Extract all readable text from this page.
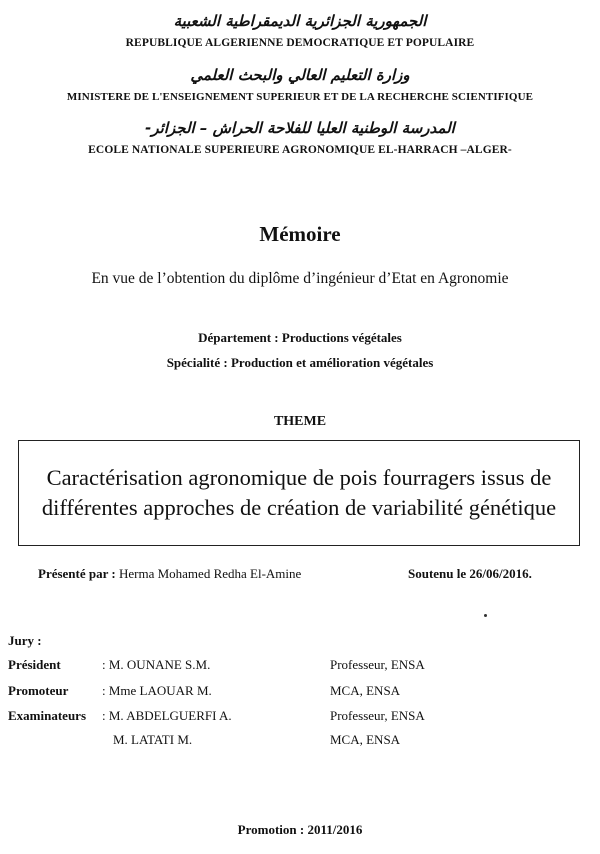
الجمهورية الجزائرية الديمقراطية الشعبية
REPUBLIQUE ALGERIENNE DEMOCRATIQUE ET POPULAIRE
وزارة التعليم العالي والبحث العلمي
MINISTERE DE L'ENSEIGNEMENT SUPERIEUR ET DE LA RECHERCHE SCIENTIFIQUE
المدرسة الوطنية العليا للفلاحة الحراش – الجزائر-
ECOLE NATIONALE SUPERIEURE AGRONOMIQUE EL-HARRACH –ALGER-
Mémoire
En vue de l’obtention du diplôme d’ingénieur d’Etat en Agronomie
Département : Productions végétales
Spécialité : Production et amélioration végétales
THEME
Caractérisation agronomique de pois fourragers issus de différentes approches de création de variabilité génétique
Présenté par : Herma Mohamed Redha El-Amine	Soutenu le 26/06/2016.
Jury :
Président	: M. OUNANE S.M.	Professeur, ENSA
Promoteur	: Mme LAOUAR M.	MCA, ENSA
Examinateurs : M. ABDELGUERFI A.	Professeur, ENSA
M. LATATI M.	MCA, ENSA
Promotion : 2011/2016
